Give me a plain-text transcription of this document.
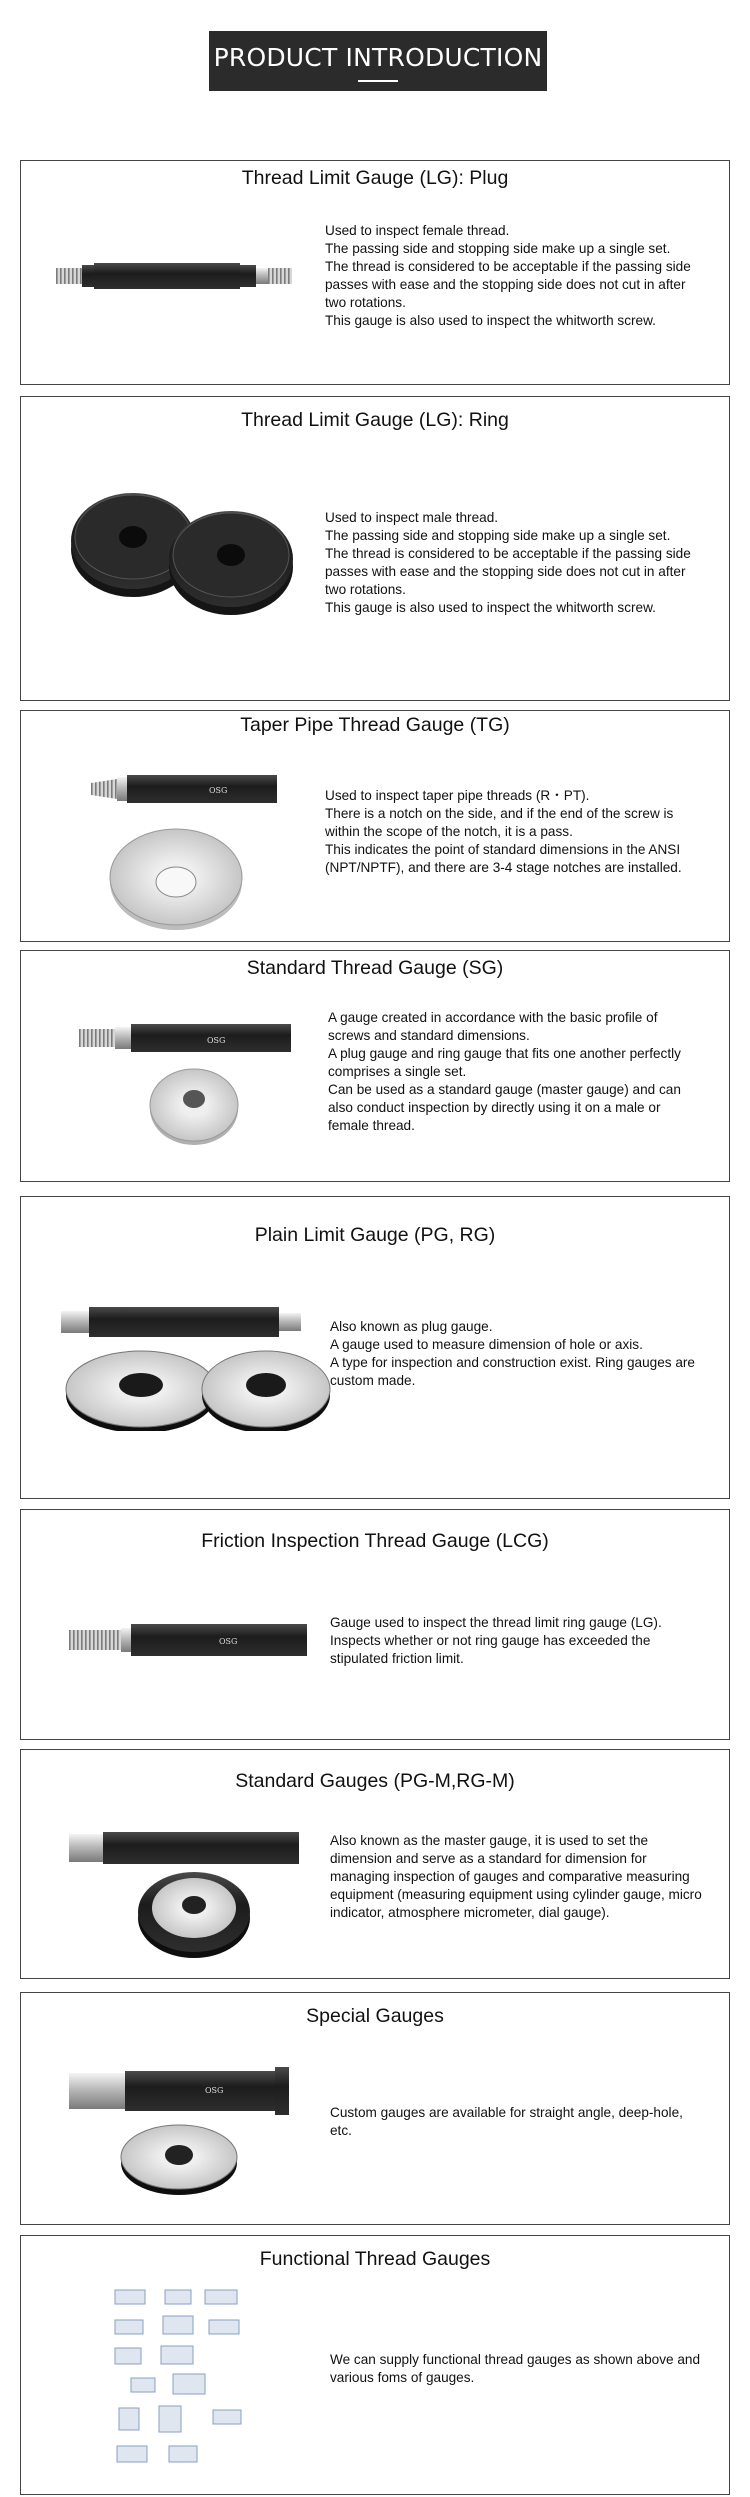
PRODUCT INTRODUCTION
Thread Limit Gauge (LG): Plug

Used to inspect female thread.

The passing side and stopping side make up a single set.

The thread is considered to be acceptable if the passing side passes with ease and the stopping side does not cut in after two rotations.

This gauge is also used to inspect the whitworth screw.

Thread Limit Gauge (LG): Ring

Used to inspect male thread.

The passing side and stopping side make up a single set.

The thread is considered to be acceptable if the passing side passes with ease and the stopping side does not cut in after two rotations.

This gauge is also used to inspect the whitworth screw.

Taper Pipe Thread Gauge (TG)
OSG	Used to inspect taper pipe threads (R・PT).

There is a notch on the side, and if the end of the screw is within the scope of the notch, it is a pass.

This indicates the point of standard dimensions in the ANSI (NPT/NPTF), and there are 3-4 stage notches are installed.

Standard Thread Gauge (SG)
OSG

A gauge created in accordance with the basic profile of screws and standard dimensions.

A plug gauge and ring gauge that fits one another perfectly comprises a single set.

Can be used as a standard gauge (master gauge) and can also conduct inspection by directly using it on a male or female thread.

Plain Limit Gauge (PG, RG)

Also known as plug gauge.

A gauge used to measure dimension of hole or axis.

A type for inspection and construction exist. Ring gauges are custom made.

Friction Inspection Thread Gauge (LCG)
OSG

Gauge used to inspect the thread limit ring gauge (LG).

Inspects whether or not ring gauge has exceeded the stipulated friction limit.

Standard Gauges (PG-M,RG-M)

Also known as the master gauge, it is used to set the dimension and serve as a standard for dimension for managing inspection of gauges and comparative measuring equipment (measuring equipment using cylinder gauge, micro indicator, atmosphere micrometer, dial gauge).

Special Gauges
OSG

Custom gauges are available for straight angle, deep-hole, etc.

Functional Thread Gauges

We can supply functional thread gauges as shown above and various foms of gauges.
